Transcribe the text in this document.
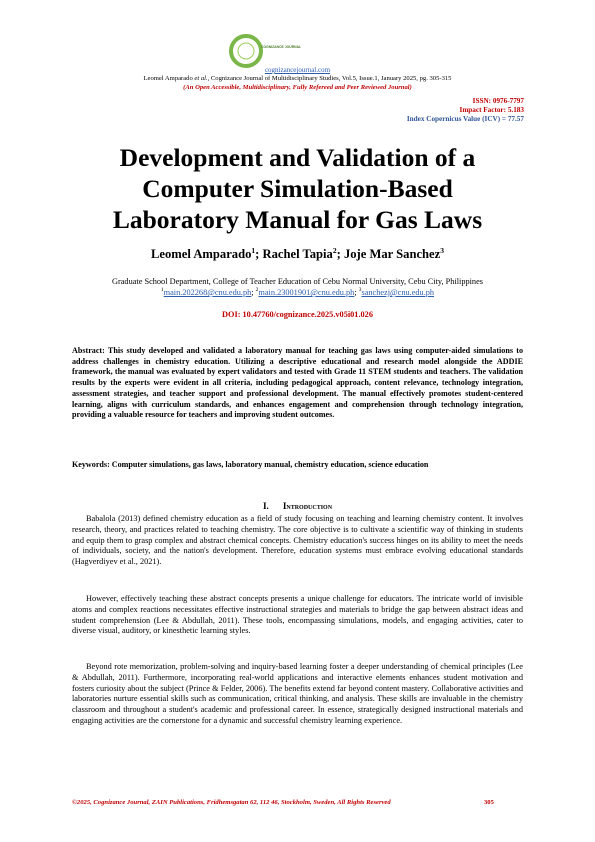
COGNIZANCE JOURNAL
cognizancejournal.com
Leomel Amparado et al., Cognizance Journal of Multidisciplinary Studies, Vol.5, Issue.1, January 2025, pg. 305-315
(An Open Accessible, Multidisciplinary, Fully Refereed and Peer Reviewed Journal)
ISSN: 0976-7797
Impact Factor: 5.183
Index Copernicus Value (ICV) = 77.57
Development and Validation of a
Computer Simulation-Based
Laboratory Manual for Gas Laws
Leomel Amparado$^1$; Rachel Tapia$^2$; Joje Mar Sanchez$^3$
Graduate School Department, College of Teacher Education of Cebu Normal University, Cebu City, Philippines
$^1$main.202268@cnu.edu.ph; $^2$main.23001901@cnu.edu.ph; $^3$sanchezj@cnu.edu.ph
DOI: 10.47760/cognizance.2025.v05i01.026
Abstract: This study developed and validated a laboratory manual for teaching gas laws using computer-aided simulations to address challenges in chemistry education. Utilizing a descriptive educational and research model alongside the ADDIE framework, the manual was evaluated by expert validators and tested with Grade 11 STEM students and teachers. The validation results by the experts were evident in all criteria, including pedagogical approach, content relevance, technology integration, assessment strategies, and teacher support and professional development. The manual effectively promotes student-centered learning, aligns with curriculum standards, and enhances engagement and comprehension through technology integration, providing a valuable resource for teachers and improving student outcomes.
Keywords: Computer simulations, gas laws, laboratory manual, chemistry education, science education
I. Introduction
Babalola (2013) defined chemistry education as a field of study focusing on teaching and learning chemistry content. It involves research, theory, and practices related to teaching chemistry. The core objective is to cultivate a scientific way of thinking in students and equip them to grasp complex and abstract chemical concepts. Chemistry education's success hinges on its ability to meet the needs of individuals, society, and the nation's development. Therefore, education systems must embrace evolving educational standards (Hagverdiyev et al., 2021).
However, effectively teaching these abstract concepts presents a unique challenge for educators. The intricate world of invisible atoms and complex reactions necessitates effective instructional strategies and materials to bridge the gap between abstract ideas and student comprehension (Lee & Abdullah, 2011). These tools, encompassing simulations, models, and engaging activities, cater to diverse visual, auditory, or kinesthetic learning styles.
Beyond rote memorization, problem-solving and inquiry-based learning foster a deeper understanding of chemical principles (Lee & Abdullah, 2011). Furthermore, incorporating real-world applications and interactive elements enhances student motivation and fosters curiosity about the subject (Prince & Felder, 2006). The benefits extend far beyond content mastery. Collaborative activities and laboratories nurture essential skills such as communication, critical thinking, and analysis. These skills are invaluable in the chemistry classroom and throughout a student's academic and professional career. In essence, strategically designed instructional materials and engaging activities are the cornerstone for a dynamic and successful chemistry learning experience.
©2025, Cognizance Journal, ZAIN Publications, Fridhemsgatan 62, 112 46, Stockholm, Sweden, All Rights Reserved	305
